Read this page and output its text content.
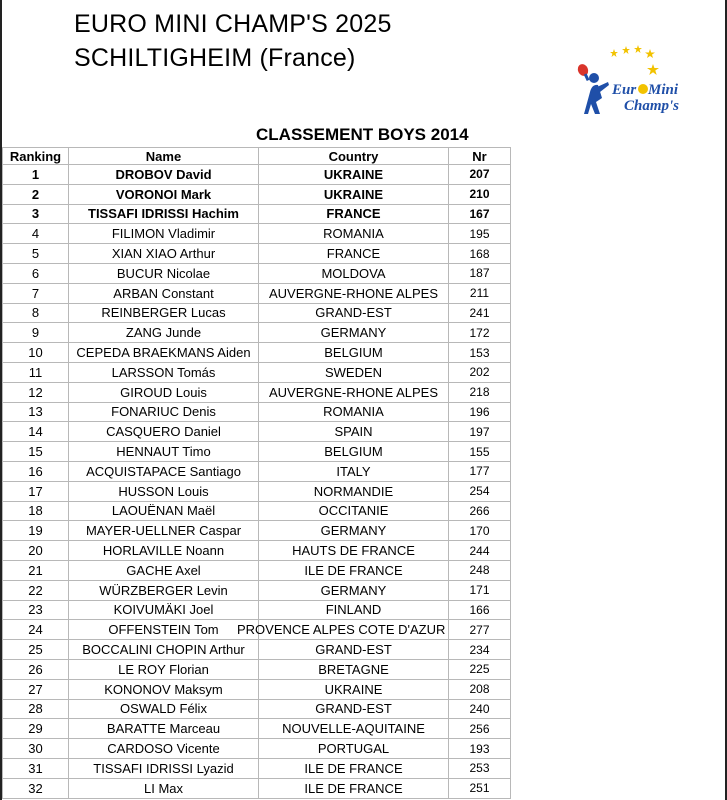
EURO MINI CHAMP'S 2025
SCHILTIGHEIM (France)
Eur Mini
Champ's
CLASSEMENT BOYS 2014
Ranking	Name	Country	Nr
1	DROBOV David	UKRAINE	207
2	VORONOI Mark	UKRAINE	210
3	TISSAFI IDRISSI Hachim	FRANCE	167
4	FILIMON Vladimir	ROMANIA	195
5	XIAN XIAO Arthur	FRANCE	168
6	BUCUR Nicolae	MOLDOVA	187
7	ARBAN Constant	AUVERGNE-RHONE ALPES	211
8	REINBERGER Lucas	GRAND-EST	241
9	ZANG Junde	GERMANY	172
10	CEPEDA BRAEKMANS Aiden	BELGIUM	153
11	LARSSON Tomás	SWEDEN	202
12	GIROUD Louis	AUVERGNE-RHONE ALPES	218
13	FONARIUC Denis	ROMANIA	196
14	CASQUERO Daniel	SPAIN	197
15	HENNAUT Timo	BELGIUM	155
16	ACQUISTAPACE Santiago	ITALY	177
17	HUSSON Louis	NORMANDIE	254
18	LAOUËNAN Maël	OCCITANIE	266
19	MAYER-UELLNER Caspar	GERMANY	170
20	HORLAVILLE Noann	HAUTS DE FRANCE	244
21	GACHE Axel	ILE DE FRANCE	248
22	WÜRZBERGER Levin	GERMANY	171
23	KOIVUMÄKI Joel	FINLAND	166
24	OFFENSTEIN Tom	PROVENCE ALPES COTE D'AZUR	277
25	BOCCALINI CHOPIN Arthur	GRAND-EST	234
26	LE ROY Florian	BRETAGNE	225
27	KONONOV Maksym	UKRAINE	208
28	OSWALD Félix	GRAND-EST	240
29	BARATTE Marceau	NOUVELLE-AQUITAINE	256
30	CARDOSO Vicente	PORTUGAL	193
31	TISSAFI IDRISSI Lyazid	ILE DE FRANCE	253
32	LI Max	ILE DE FRANCE	251
